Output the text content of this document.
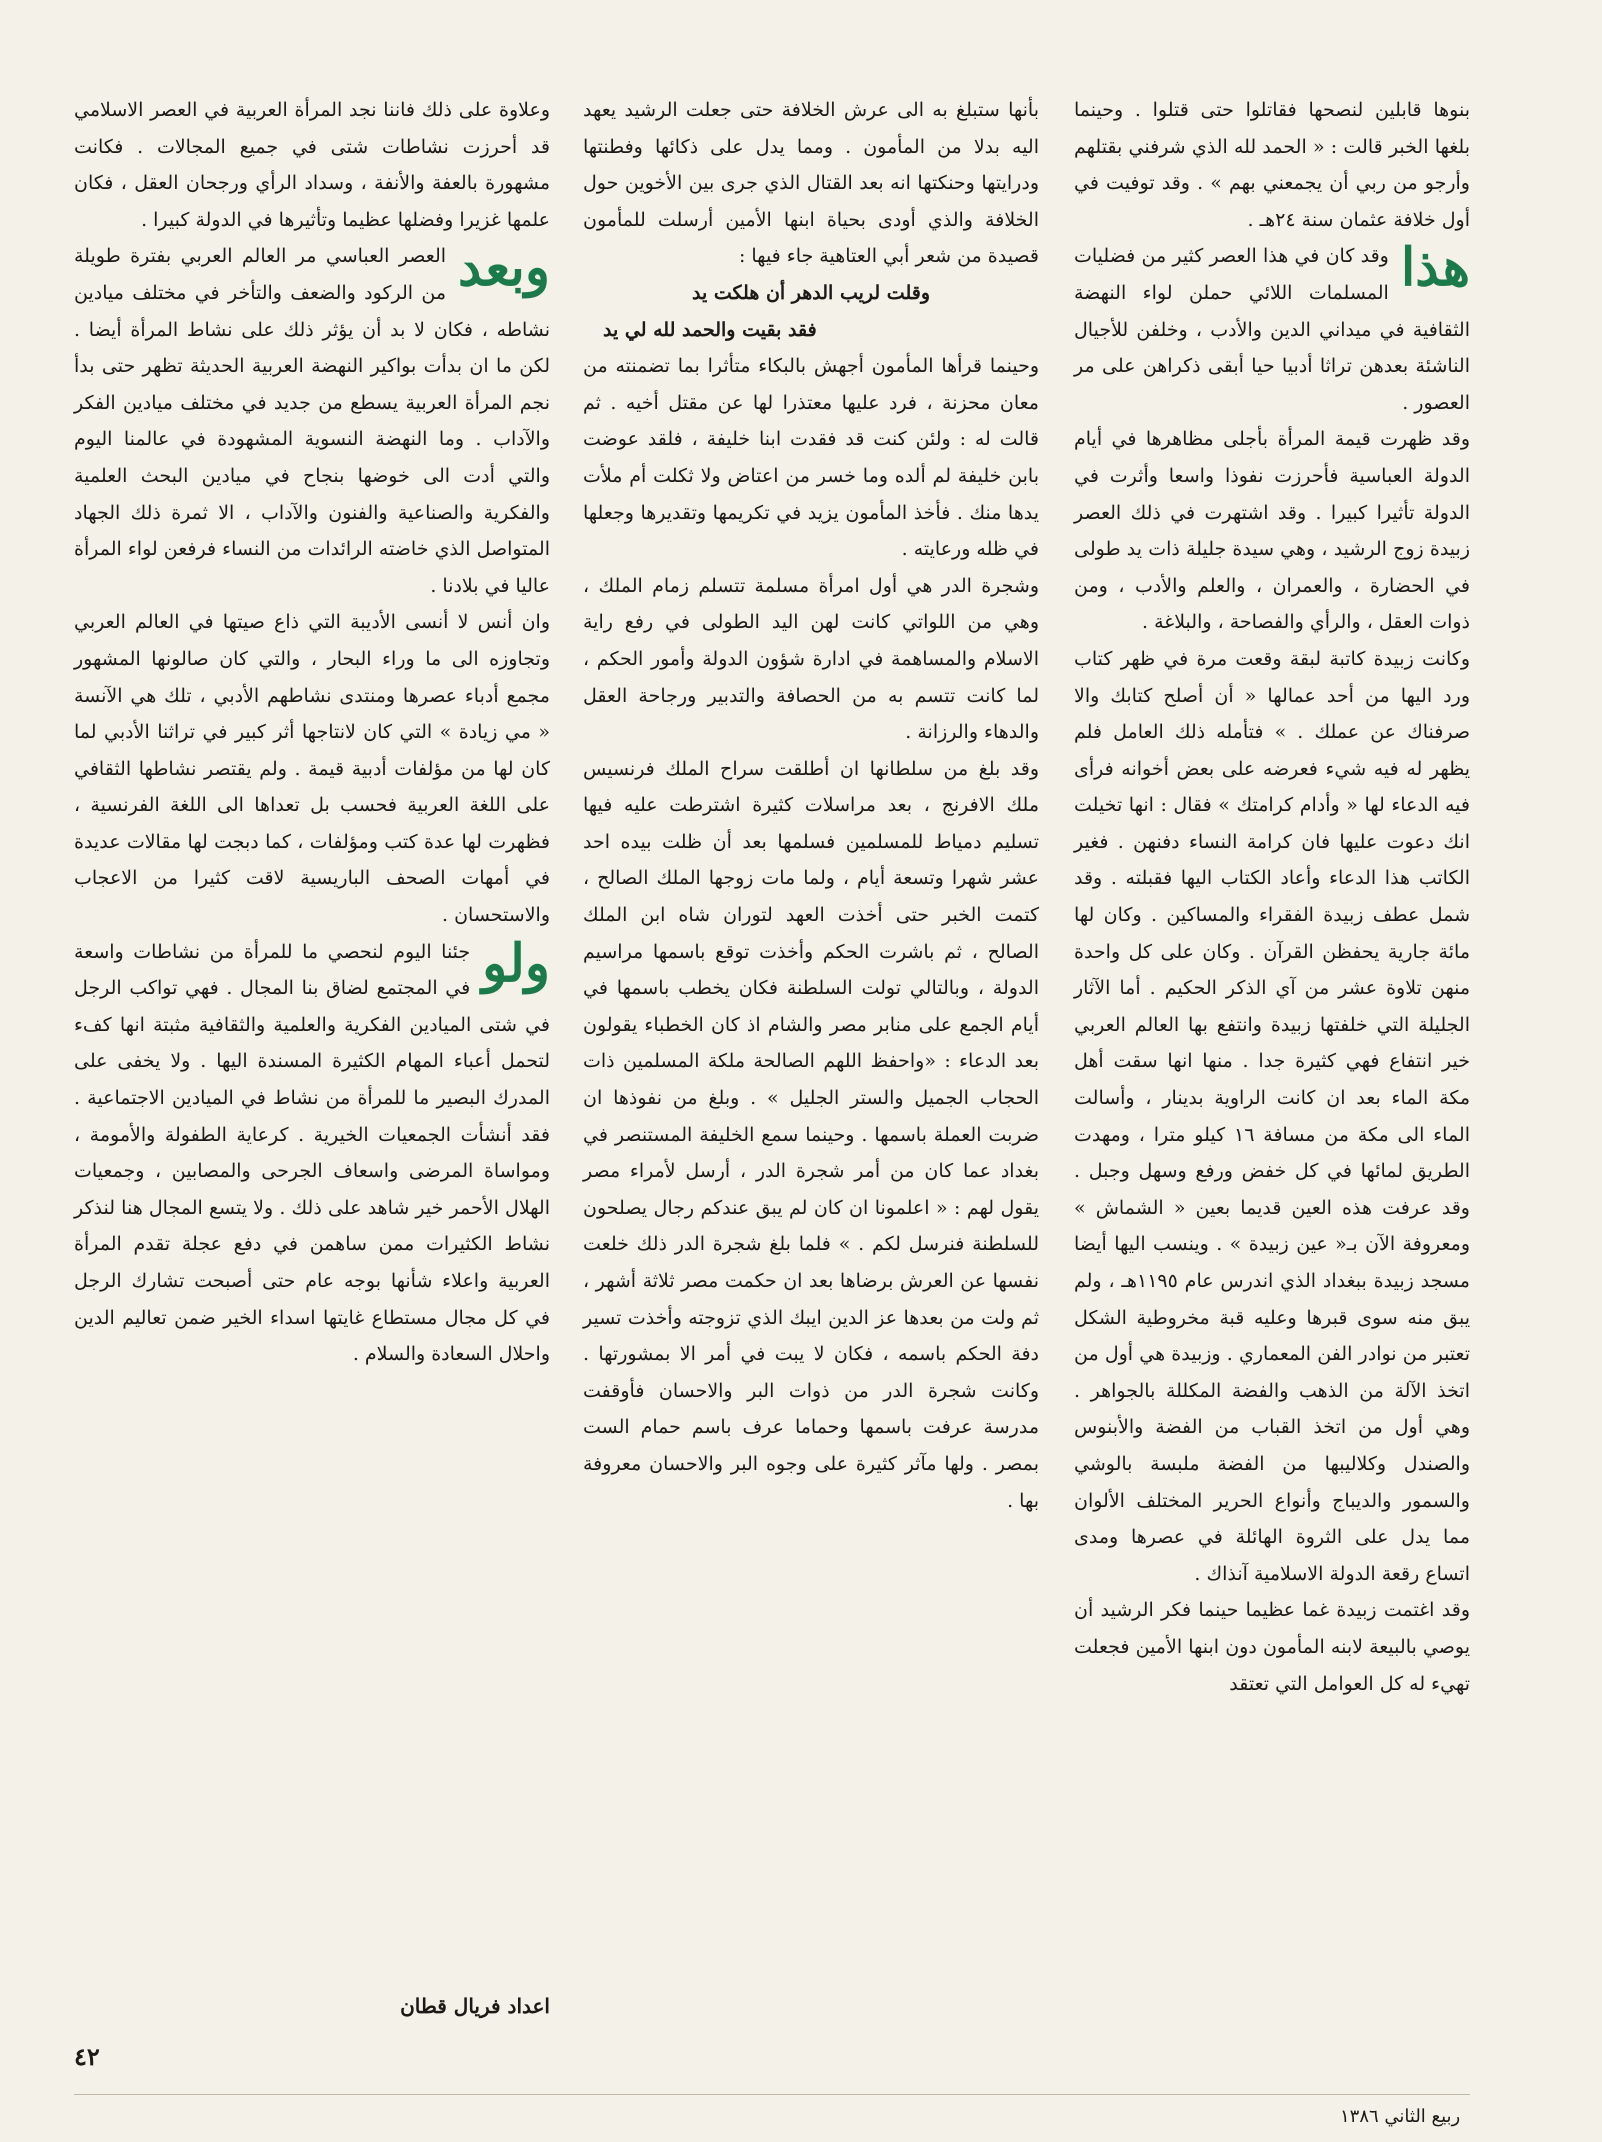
بنوها قابلين لنصحها فقاتلوا حتى قتلوا . وحينما بلغها الخبر قالت : « الحمد لله الذي شرفني بقتلهم وأرجو من ربي أن يجمعني بهم » . وقد توفيت في أول خلافة عثمان سنة ٢٤هـ .

هذا
وقد كان في هذا العصر كثير من فضليات المسلمات اللائي حملن لواء النهضة الثقافية في ميداني الدين والأدب ، وخلفن للأجيال الناشئة بعدهن تراثا أدبيا حيا أبقى ذكراهن على مر العصور .

وقد ظهرت قيمة المرأة بأجلى مظاهرها في أيام الدولة العباسية فأحرزت نفوذا واسعا وأثرت في الدولة تأثيرا كبيرا . وقد اشتهرت في ذلك العصر زبيدة زوج الرشيد ، وهي سيدة جليلة ذات يد طولى في الحضارة ، والعمران ، والعلم والأدب ، ومن ذوات العقل ، والرأي والفصاحة ، والبلاغة .

وكانت زبيدة كاتبة لبقة وقعت مرة في ظهر كتاب ورد اليها من أحد عمالها « أن أصلح كتابك والا صرفناك عن عملك . » فتأمله ذلك العامل فلم يظهر له فيه شيء فعرضه على بعض أخوانه فرأى فيه الدعاء لها « وأدام كرامتك » فقال : انها تخيلت انك دعوت عليها فان كرامة النساء دفنهن . فغير الكاتب هذا الدعاء وأعاد الكتاب اليها فقبلته . وقد شمل عطف زبيدة الفقراء والمساكين . وكان لها مائة جارية يحفظن القرآن . وكان على كل واحدة منهن تلاوة عشر من آي الذكر الحكيم . أما الآثار الجليلة التي خلفتها زبيدة وانتفع بها العالم العربي خير انتفاع فهي كثيرة جدا . منها انها سقت أهل مكة الماء بعد ان كانت الراوية بدينار ، وأسالت الماء الى مكة من مسافة ١٦ كيلو مترا ، ومهدت الطريق لمائها في كل خفض ورفع وسهل وجبل . وقد عرفت هذه العين قديما بعين « الشماش » ومعروفة الآن بـ« عين زبيدة » . وينسب اليها أيضا مسجد زبيدة ببغداد الذي اندرس عام ١١٩٥هـ ، ولم يبق منه سوى قبرها وعليه قبة مخروطية الشكل تعتبر من نوادر الفن المعماري . وزبيدة هي أول من اتخذ الآلة من الذهب والفضة المكللة بالجواهر . وهي أول من اتخذ القباب من الفضة والأبنوس والصندل وكلاليبها من الفضة ملبسة بالوشي والسمور والديباج وأنواع الحرير المختلف الألوان مما يدل على الثروة الهائلة في عصرها ومدى اتساع رقعة الدولة الاسلامية آنذاك .

وقد اغتمت زبيدة غما عظيما حينما فكر الرشيد أن يوصي بالبيعة لابنه المأمون دون ابنها الأمين فجعلت تهيء له كل العوامل التي تعتقد

بأنها ستبلغ به الى عرش الخلافة حتى جعلت الرشيد يعهد اليه بدلا من المأمون . ومما يدل على ذكائها وفطنتها ودرايتها وحنكتها انه بعد القتال الذي جرى بين الأخوين حول الخلافة والذي أودى بحياة ابنها الأمين أرسلت للمأمون قصيدة من شعر أبي العتاهية جاء فيها :

وقلت لريب الدهر أن هلكت يد

فقد بقيت والحمد لله لي يد

وحينما قرأها المأمون أجهش بالبكاء متأثرا بما تضمنته من معان محزنة ، فرد عليها معتذرا لها عن مقتل أخيه . ثم قالت له : ولئن كنت قد فقدت ابنا خليفة ، فلقد عوضت بابن خليفة لم ألده وما خسر من اعتاض ولا ثكلت أم ملأت يدها منك . فأخذ المأمون يزيد في تكريمها وتقديرها وجعلها في ظله ورعايته .

وشجرة الدر هي أول امرأة مسلمة تتسلم زمام الملك ، وهي من اللواتي كانت لهن اليد الطولى في رفع راية الاسلام والمساهمة في ادارة شؤون الدولة وأمور الحكم ، لما كانت تتسم به من الحصافة والتدبير ورجاحة العقل والدهاء والرزانة .

وقد بلغ من سلطانها ان أطلقت سراح الملك فرنسيس ملك الافرنج ، بعد مراسلات كثيرة اشترطت عليه فيها تسليم دمياط للمسلمين فسلمها بعد أن ظلت بيده احد عشر شهرا وتسعة أيام ، ولما مات زوجها الملك الصالح ، كتمت الخبر حتى أخذت العهد لتوران شاه ابن الملك الصالح ، ثم باشرت الحكم وأخذت توقع باسمها مراسيم الدولة ، وبالتالي تولت السلطنة فكان يخطب باسمها في أيام الجمع على منابر مصر والشام اذ كان الخطباء يقولون بعد الدعاء : «واحفظ اللهم الصالحة ملكة المسلمين ذات الحجاب الجميل والستر الجليل » . وبلغ من نفوذها ان ضربت العملة باسمها . وحينما سمع الخليفة المستنصر في بغداد عما كان من أمر شجرة الدر ، أرسل لأمراء مصر يقول لهم : « اعلمونا ان كان لم يبق عندكم رجال يصلحون للسلطنة فنرسل لكم . » فلما بلغ شجرة الدر ذلك خلعت نفسها عن العرش برضاها بعد ان حكمت مصر ثلاثة أشهر ، ثم ولت من بعدها عز الدين ايبك الذي تزوجته وأخذت تسير دفة الحكم باسمه ، فكان لا يبت في أمر الا بمشورتها . وكانت شجرة الدر من ذوات البر والاحسان فأوقفت مدرسة عرفت باسمها وحماما عرف باسم حمام الست بمصر . ولها مآثر كثيرة على وجوه البر والاحسان معروفة بها .

وعلاوة على ذلك فاننا نجد المرأة العربية في العصر الاسلامي قد أحرزت نشاطات شتى في جميع المجالات . فكانت مشهورة بالعفة والأنفة ، وسداد الرأي ورجحان العقل ، فكان علمها غزيرا وفضلها عظيما وتأثيرها في الدولة كبيرا .

وبعد
العصر العباسي مر العالم العربي بفترة طويلة من الركود والضعف والتأخر في مختلف ميادين نشاطه ، فكان لا بد أن يؤثر ذلك على نشاط المرأة أيضا . لكن ما ان بدأت بواكير النهضة العربية الحديثة تظهر حتى بدأ نجم المرأة العربية يسطع من جديد في مختلف ميادين الفكر والآداب . وما النهضة النسوية المشهودة في عالمنا اليوم والتي أدت الى خوضها بنجاح في ميادين البحث العلمية والفكرية والصناعية والفنون والآداب ، الا ثمرة ذلك الجهاد المتواصل الذي خاضته الرائدات من النساء فرفعن لواء المرأة عاليا في بلادنا .

وان أنس لا أنسى الأديبة التي ذاع صيتها في العالم العربي وتجاوزه الى ما وراء البحار ، والتي كان صالونها المشهور مجمع أدباء عصرها ومنتدى نشاطهم الأدبي ، تلك هي الآنسة « مي زيادة » التي كان لانتاجها أثر كبير في تراثنا الأدبي لما كان لها من مؤلفات أدبية قيمة . ولم يقتصر نشاطها الثقافي على اللغة العربية فحسب بل تعداها الى اللغة الفرنسية ، فظهرت لها عدة كتب ومؤلفات ، كما دبجت لها مقالات عديدة في أمهات الصحف الباريسية لاقت كثيرا من الاعجاب والاستحسان .

ولو
جئنا اليوم لنحصي ما للمرأة من نشاطات واسعة في المجتمع لضاق بنا المجال . فهي تواكب الرجل في شتى الميادين الفكرية والعلمية والثقافية مثبتة انها كفء لتحمل أعباء المهام الكثيرة المسندة اليها . ولا يخفى على المدرك البصير ما للمرأة من نشاط في الميادين الاجتماعية . فقد أنشأت الجمعيات الخيرية . كرعاية الطفولة والأمومة ، ومواساة المرضى واسعاف الجرحى والمصابين ، وجمعيات الهلال الأحمر خير شاهد على ذلك . ولا يتسع المجال هنا لنذكر نشاط الكثيرات ممن ساهمن في دفع عجلة تقدم المرأة العربية واعلاء شأنها بوجه عام حتى أصبحت تشارك الرجل في كل مجال مستطاع غايتها اسداء الخير ضمن تعاليم الدين واحلال السعادة والسلام .

اعداد فريال قطان
٤٢
ربيع الثاني ١٣٨٦
